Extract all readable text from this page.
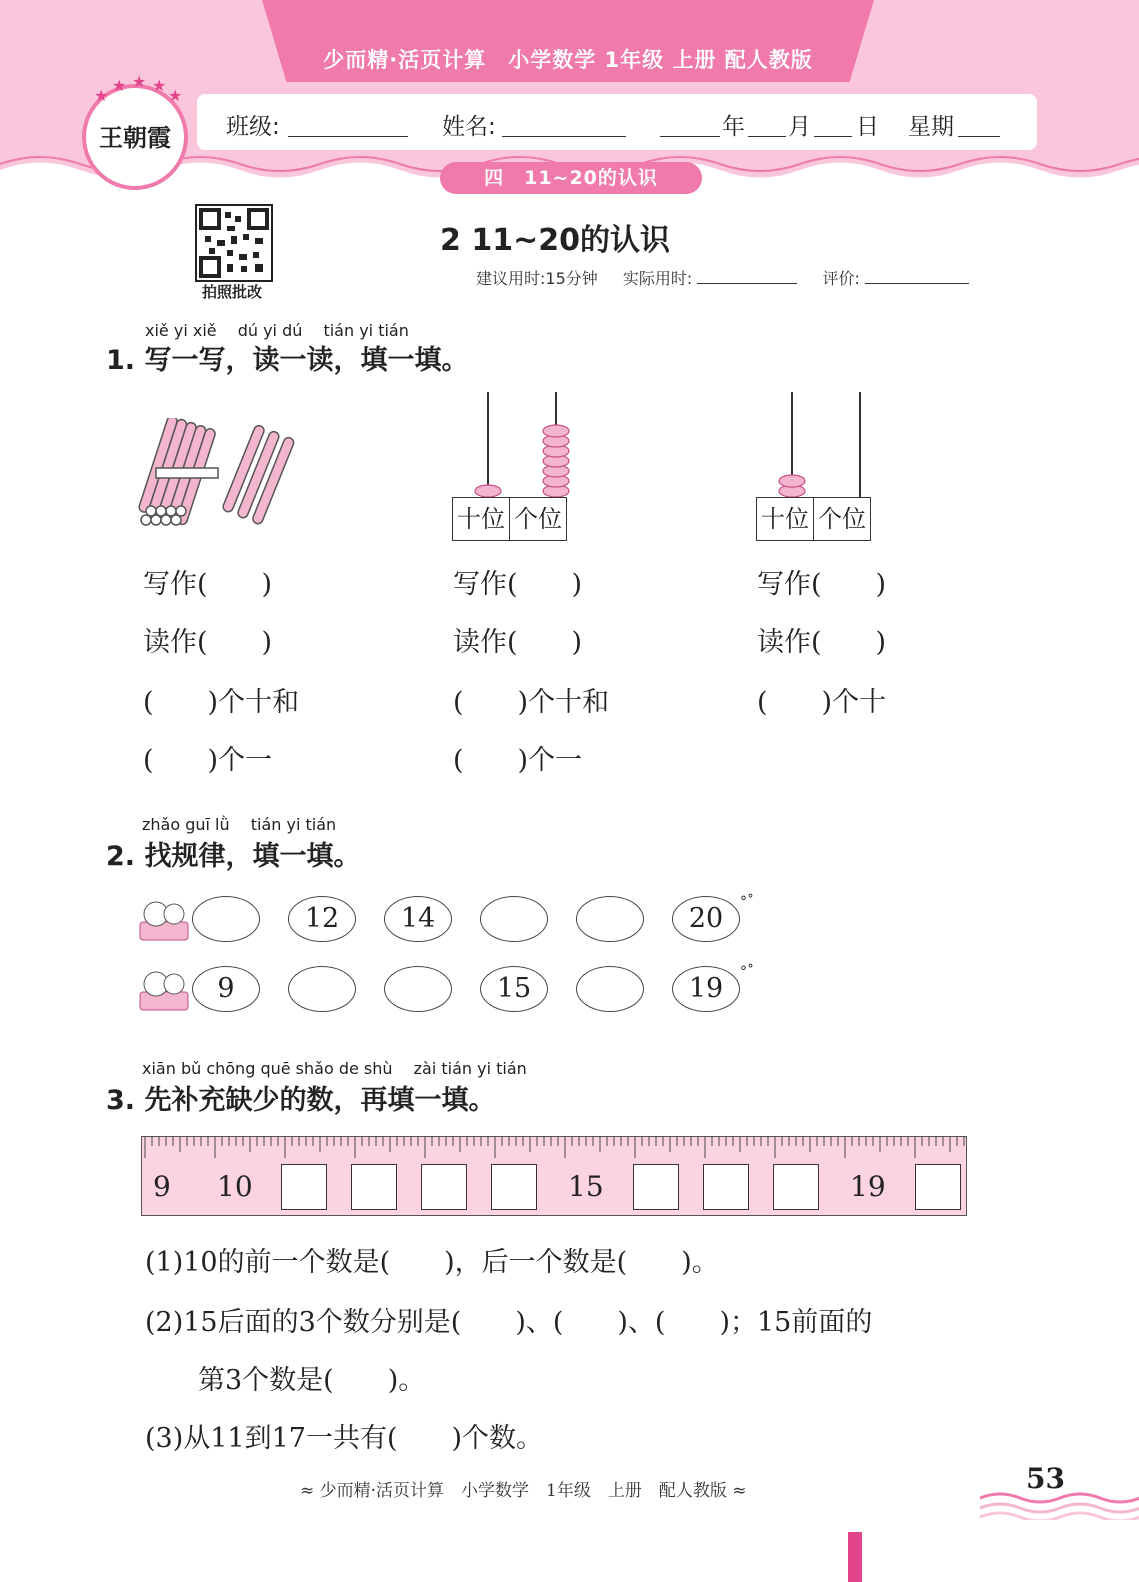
少而精·活页计算　小学数学 1年级 上册 配人教版
★
★ ★ ★
★
王朝霞	班级:	姓名:	年 月 日 星期
四　11~20的认识
拍照批改
2 11~20的认识
建议用时:15分钟 实际用时:	评价:
xiě yi xiě　 dú yi dú　 tián yi tián
1. 写一写，读一读，填一填。
十位 个位	十位 个位
写作(　　)
读作(　　)
(　　)个十和
(　　)个一
写作(　　)
读作(　　)
(　　)个十和
(　　)个一
写作(　　)
读作(　　)
(　　)个十
zhǎo guī lǜ　 tián yi tián
2. 找规律，填一填。
12	14	20
°˚
9	15	19
°˚
xiān bǔ chōng quē shǎo de shù　 zài tián yi tián
3. 先补充缺少的数，再填一填。
9 10	15	19
(1)10的前一个数是(　　)，后一个数是(　　)。
(2)15后面的3个数分别是(　　)、(　　)、(　　)；15前面的
第3个数是(　　)。
(3)从11到17一共有(　　)个数。
≈ 少而精·活页计算　小学数学　1年级　上册　配人教版 ≈	53
